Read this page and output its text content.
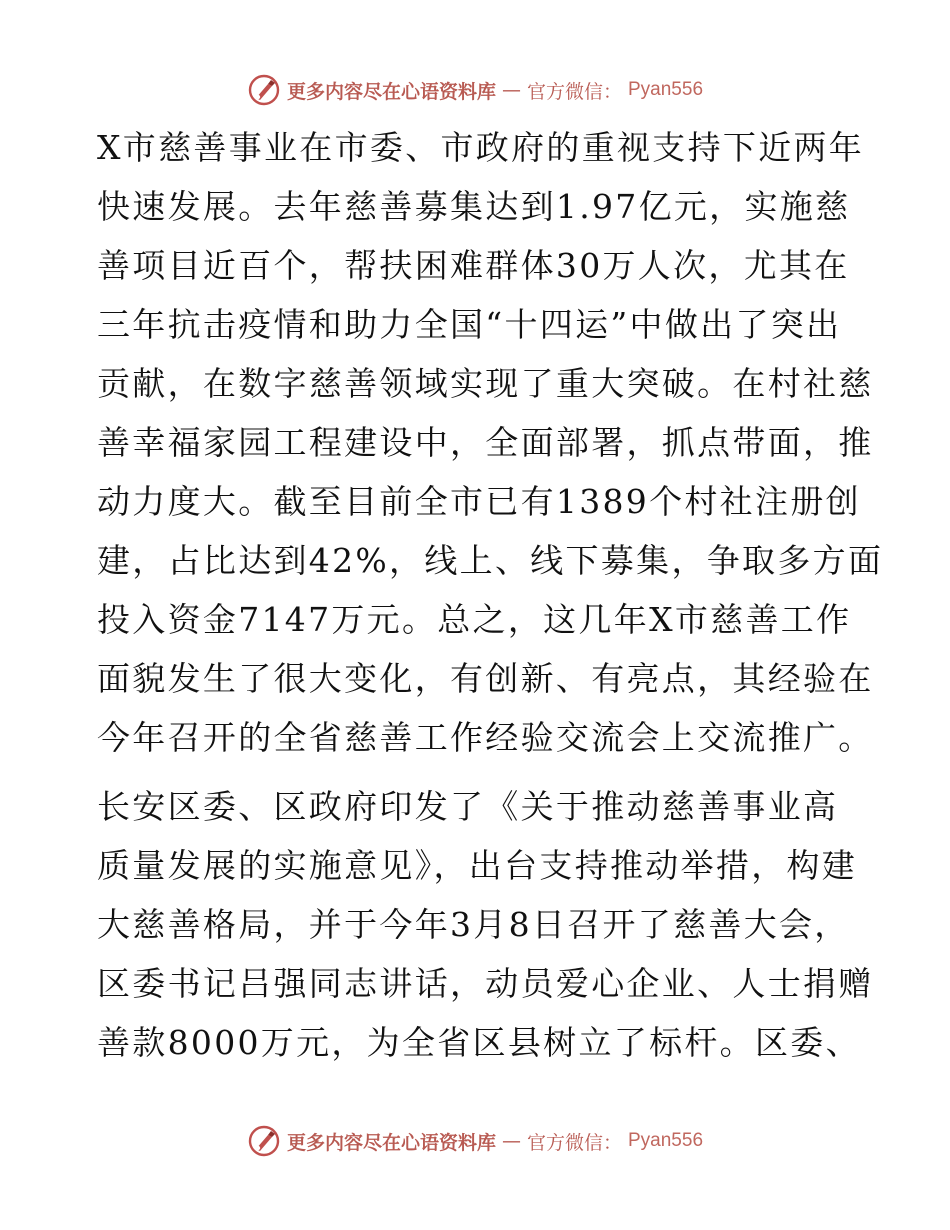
更多内容尽在心语资料库 — 官方微信： Pyan556
X市慈善事业在市委、市政府的重视支持下近两年
快速发展。去年慈善募集达到1.97亿元，实施慈
善项目近百个，帮扶困难群体30万人次，尤其在
三年抗击疫情和助力全国“十四运”中做出了突出
贡献，在数字慈善领域实现了重大突破。在村社慈
善幸福家园工程建设中，全面部署，抓点带面，推
动力度大。截至目前全市已有1389个村社注册创
建，占比达到42%，线上、线下募集，争取多方面
投入资金7147万元。总之，这几年X市慈善工作
面貌发生了很大变化，有创新、有亮点，其经验在
今年召开的全省慈善工作经验交流会上交流推广。
长安区委、区政府印发了《关于推动慈善事业高
质量发展的实施意见》，出台支持推动举措，构建
大慈善格局，并于今年3月8日召开了慈善大会，
区委书记吕强同志讲话，动员爱心企业、人士捐赠
善款8000万元，为全省区县树立了标杆。区委、
更多内容尽在心语资料库 — 官方微信： Pyan556
